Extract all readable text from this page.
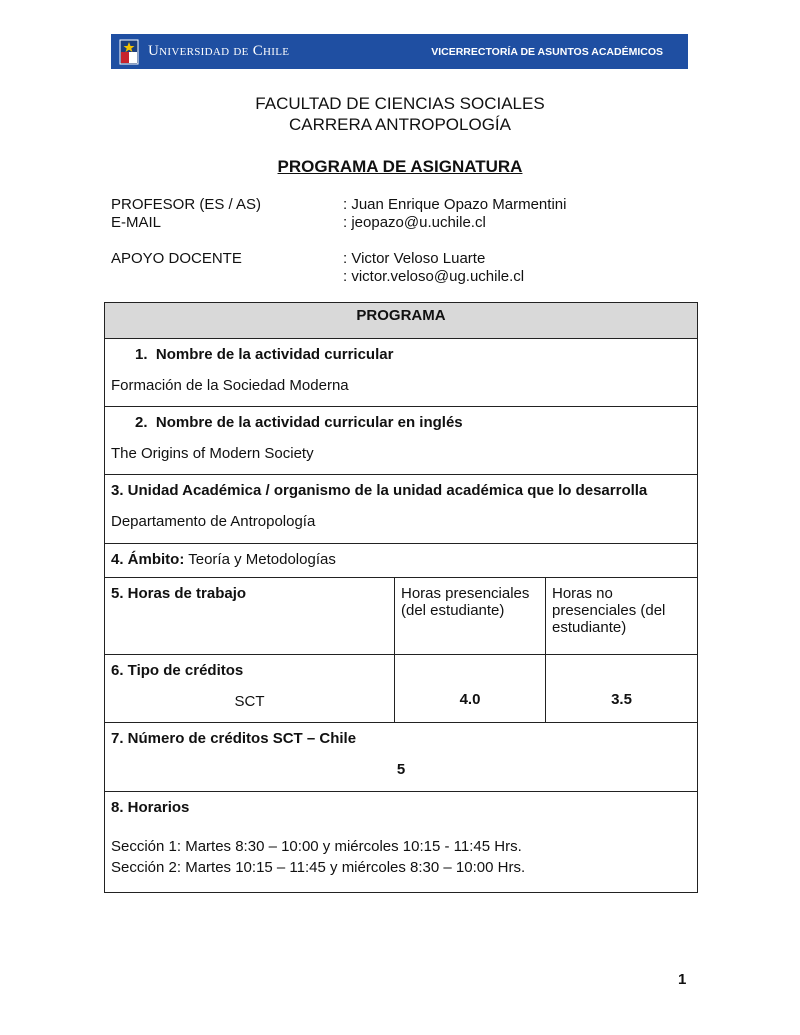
Universidad de Chile	VICERRECTORÍA DE ASUNTOS ACADÉMICOS
FACULTAD DE CIENCIAS SOCIALES
CARRERA ANTROPOLOGÍA
PROGRAMA DE ASIGNATURA
PROFESOR (ES / AS)	: Juan Enrique Opazo Marmentini
E-MAIL	: jeopazo@u.uchile.cl
APOYO DOCENTE	: Victor Veloso Luarte
: victor.veloso@ug.uchile.cl
PROGRAMA		

1. Nombre de la actividad curricular
Formación de la Sociedad Moderna		

2. Nombre de la actividad curricular en inglés
The Origins of Modern Society		

3. Unidad Académica / organismo de la unidad académica que lo desarrolla
Departamento de Antropología		

4. Ámbito: Teoría y Metodologías		
5. Horas de trabajo	Horas presenciales (del estudiante)	Horas no presenciales (del estudiante)

6. Tipo de créditos
SCT	4.0	3.5

7. Número de créditos SCT – Chile
5		

8. Horarios
Sección 1: Martes 8:30 – 10:00 y miércoles 10:15 - 11:45 Hrs.
Sección 2: Martes 10:15 – 11:45 y miércoles 8:30 – 10:00 Hrs.		
1
